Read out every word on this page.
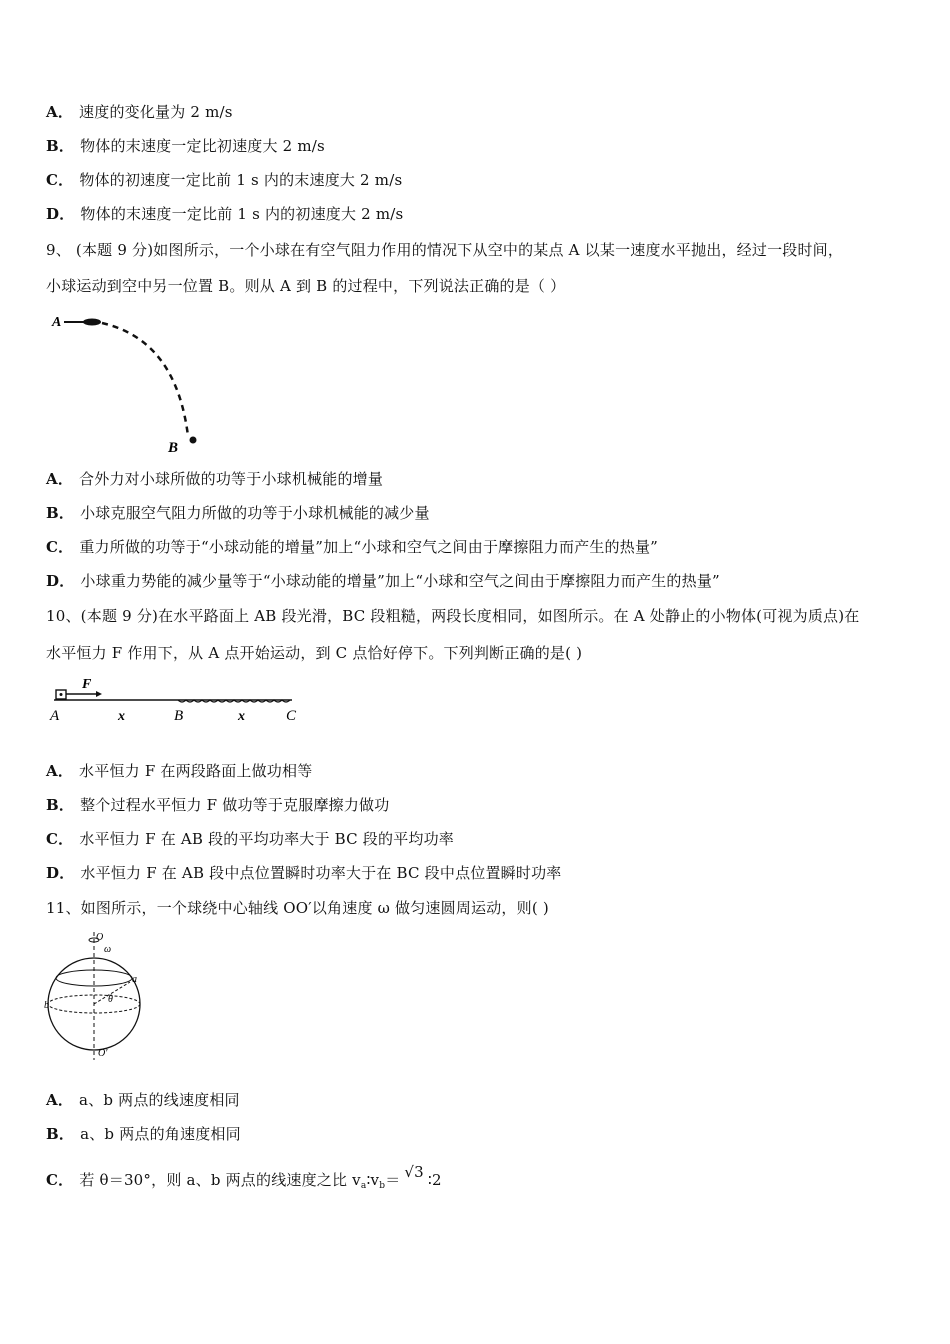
A． 速度的变化量为 2 m/s
B． 物体的末速度一定比初速度大 2 m/s
C． 物体的初速度一定比前 1 s 内的末速度大 2 m/s
D． 物体的末速度一定比前 1 s 内的初速度大 2 m/s
9、 (本题 9 分)如图所示，一个小球在有空气阻力作用的情况下从空中的某点 A 以某一速度水平抛出，经过一段时间，
小球运动到空中另一位置 B。则从 A 到 B 的过程中，下列说法正确的是（ ）
A
B
A． 合外力对小球所做的功等于小球机械能的增量
B． 小球克服空气阻力所做的功等于小球机械能的减少量
C． 重力所做的功等于“小球动能的增量”加上“小球和空气之间由于摩擦阻力而产生的热量”
D． 小球重力势能的减少量等于“小球动能的增量”加上“小球和空气之间由于摩擦阻力而产生的热量”
10、(本题 9 分)在水平路面上 AB 段光滑，BC 段粗糙，两段长度相同，如图所示。在 A 处静止的小物体(可视为质点)在
水平恒力 F 作用下，从 A 点开始运动，到 C 点恰好停下。下列判断正确的是( )
F
A	x	B	x	C
A． 水平恒力 F 在两段路面上做功相等
B． 整个过程水平恒力 F 做功等于克服摩擦力做功
C． 水平恒力 F 在 AB 段的平均功率大于 BC 段的平均功率
D． 水平恒力 F 在 AB 段中点位置瞬时功率大于在 BC 段中点位置瞬时功率
11、如图所示，一个球绕中心轴线 OO′以角速度 ω 做匀速圆周运动，则( )
O
ω
a
θ
b
O′
A． a、b 两点的线速度相同
B． a、b 两点的角速度相同
C． 若 θ＝30°，则 a、b 两点的线速度之比 $v_a∶v_b= √3$ ∶2
